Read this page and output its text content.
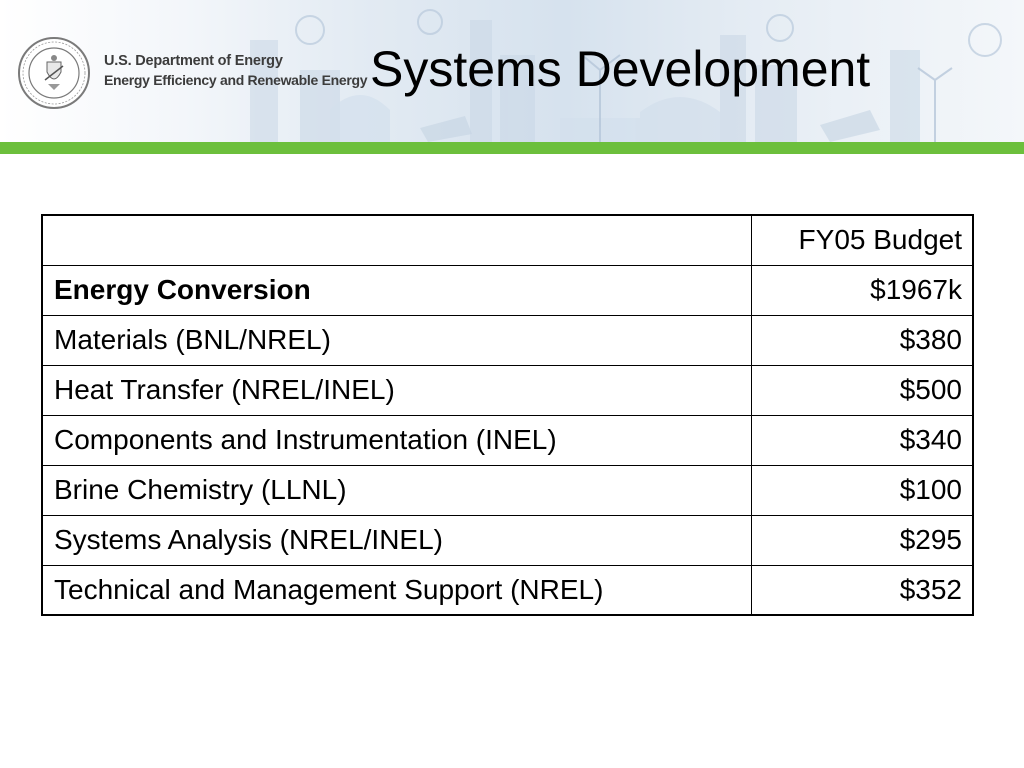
U.S. Department of Energy
Energy Efficiency and Renewable Energy Systems Development
	FY05 Budget
Energy Conversion	$1967k
Materials (BNL/NREL)	$380
Heat Transfer (NREL/INEL)	$500
Components and Instrumentation (INEL)	$340
Brine Chemistry (LLNL)	$100
Systems Analysis (NREL/INEL)	$295
Technical and Management Support (NREL)	$352
